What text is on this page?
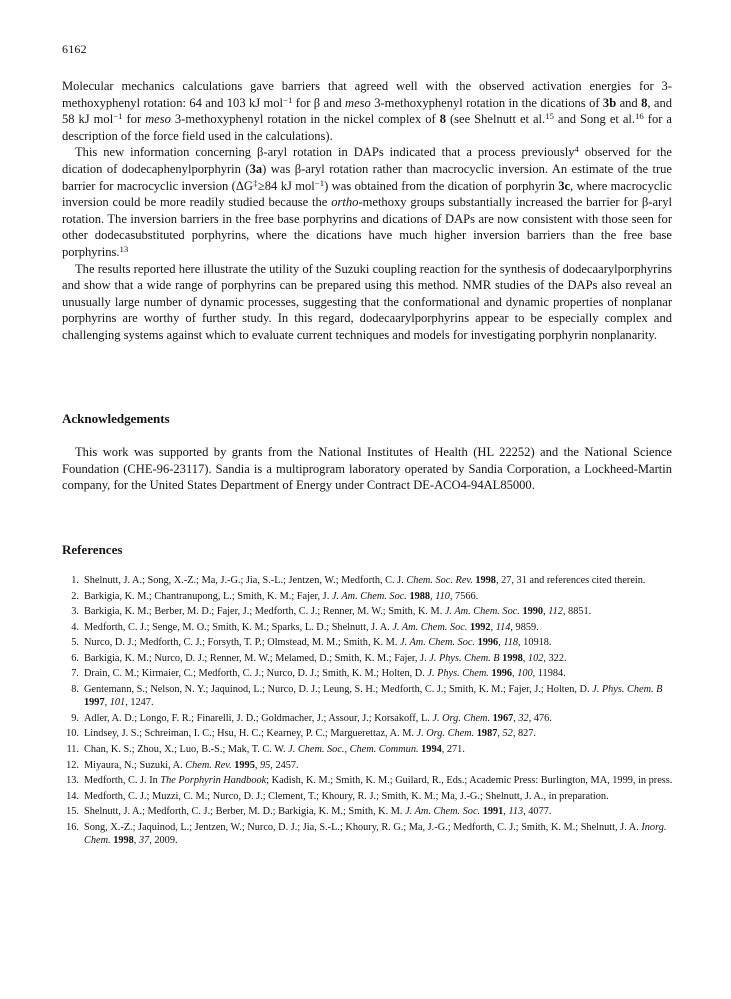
6162

Molecular mechanics calculations gave barriers that agreed well with the observed activation energies for 3-methoxyphenyl rotation: 64 and 103 kJ mol$^{-1}$ for β and meso 3-methoxyphenyl rotation in the dications of 3b and 8, and 58 kJ mol$^{-1}$ for meso 3-methoxyphenyl rotation in the nickel complex of 8 (see Shelnutt et al.$^{15}$ and Song et al.$^{16}$ for a description of the force field used in the calculations).

This new information concerning β-aryl rotation in DAPs indicated that a process previously$^4$ observed for the dication of dodecaphenylporphyrin (3a) was β-aryl rotation rather than macrocyclic inversion. An estimate of the true barrier for macrocyclic inversion (ΔG‡≥84 kJ mol$^{-1}$) was obtained from the dication of porphyrin 3c, where macrocyclic inversion could be more readily studied because the ortho-methoxy groups substantially increased the barrier for β-aryl rotation. The inversion barriers in the free base porphyrins and dications of DAPs are now consistent with those seen for other dodecasubstituted porphyrins, where the dications have much higher inversion barriers than the free base porphyrins.$^{13}$

The results reported here illustrate the utility of the Suzuki coupling reaction for the synthesis of dodecaarylporphyrins and show that a wide range of porphyrins can be prepared using this method. NMR studies of the DAPs also reveal an unusually large number of dynamic processes, suggesting that the conformational and dynamic properties of nonplanar porphyrins are worthy of further study. In this regard, dodecaarylporphyrins appear to be especially complex and challenging systems against which to evaluate current techniques and models for investigating porphyrin nonplanarity.

Acknowledgements

This work was supported by grants from the National Institutes of Health (HL 22252) and the National Science Foundation (CHE-96-23117). Sandia is a multiprogram laboratory operated by Sandia Corporation, a Lockheed-Martin company, for the United States Department of Energy under Contract DE-ACO4-94AL85000.

References
1. Shelnutt, J. A.; Song, X.-Z.; Ma, J.-G.; Jia, S.-L.; Jentzen, W.; Medforth, C. J. Chem. Soc. Rev. 1998, 27, 31 and references cited therein.
2. Barkigia, K. M.; Chantranupong, L.; Smith, K. M.; Fajer, J. J. Am. Chem. Soc. 1988, 110, 7566.
3. Barkigia, K. M.; Berber, M. D.; Fajer, J.; Medforth, C. J.; Renner, M. W.; Smith, K. M. J. Am. Chem. Soc. 1990, 112, 8851.
4. Medforth, C. J.; Senge, M. O.; Smith, K. M.; Sparks, L. D.; Shelnutt, J. A. J. Am. Chem. Soc. 1992, 114, 9859.
5. Nurco, D. J.; Medforth, C. J.; Forsyth, T. P.; Olmstead, M. M.; Smith, K. M. J. Am. Chem. Soc. 1996, 118, 10918.
6. Barkigia, K. M.; Nurco, D. J.; Renner, M. W.; Melamed, D.; Smith, K. M.; Fajer, J. J. Phys. Chem. B 1998, 102, 322.
7. Drain, C. M.; Kirmaier, C.; Medforth, C. J.; Nurco, D. J.; Smith, K. M.; Holten, D. J. Phys. Chem. 1996, 100, 11984.
8. Gentemann, S.; Nelson, N. Y.; Jaquinod, L.; Nurco, D. J.; Leung, S. H.; Medforth, C. J.; Smith, K. M.; Fajer, J.; Holten, D. J. Phys. Chem. B 1997, 101, 1247.
9. Adler, A. D.; Longo, F. R.; Finarelli, J. D.; Goldmacher, J.; Assour, J.; Korsakoff, L. J. Org. Chem. 1967, 32, 476.
10. Lindsey, J. S.; Schreiman, I. C.; Hsu, H. C.; Kearney, P. C.; Marguerettaz, A. M. J. Org. Chem. 1987, 52, 827.
11. Chan, K. S.; Zhou, X.; Luo, B.-S.; Mak, T. C. W. J. Chem. Soc., Chem. Commun. 1994, 271.
12. Miyaura, N.; Suzuki, A. Chem. Rev. 1995, 95, 2457.
13. Medforth, C. J. In The Porphyrin Handbook; Kadish, K. M.; Smith, K. M.; Guilard, R., Eds.; Academic Press: Burlington, MA, 1999, in press.
14. Medforth, C. J.; Muzzi, C. M.; Nurco, D. J.; Clement, T.; Khoury, R. J.; Smith, K. M.; Ma, J.-G.; Shelnutt, J. A., in preparation.
15. Shelnutt, J. A.; Medforth, C. J.; Berber, M. D.; Barkigia, K. M.; Smith, K. M. J. Am. Chem. Soc. 1991, 113, 4077.
16. Song, X.-Z.; Jaquinod, L.; Jentzen, W.; Nurco, D. J.; Jia, S.-L.; Khoury, R. G.; Ma, J.-G.; Medforth, C. J.; Smith, K. M.; Shelnutt, J. A. Inorg. Chem. 1998, 37, 2009.
